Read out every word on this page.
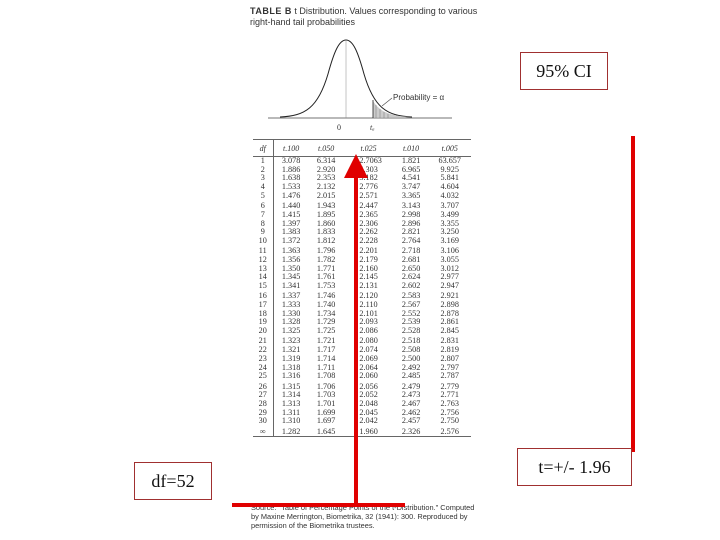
TABLE B t Distribution. Values corresponding to various right-hand tail probabilities
Probability = α
0	tₐ
df	t.100	t.050	t.025	t.010	t.005
1	3.078	6.314	12.7063	1.821	63.657
2	1.886	2.920	4.303	6.965	9.925
3	1.638	2.353	3.182	4.541	5.841
4	1.533	2.132	2.776	3.747	4.604
5	1.476	2.015	2.571	3.365	4.032
6	1.440	1.943	2.447	3.143	3.707
7	1.415	1.895	2.365	2.998	3.499
8	1.397	1.860	2.306	2.896	3.355
9	1.383	1.833	2.262	2.821	3.250
10	1.372	1.812	2.228	2.764	3.169
11	1.363	1.796	2.201	2.718	3.106
12	1.356	1.782	2.179	2.681	3.055
13	1.350	1.771	2.160	2.650	3.012
14	1.345	1.761	2.145	2.624	2.977
15	1.341	1.753	2.131	2.602	2.947
16	1.337	1.746	2.120	2.583	2.921
17	1.333	1.740	2.110	2.567	2.898
18	1.330	1.734	2.101	2.552	2.878
19	1.328	1.729	2.093	2.539	2.861
20	1.325	1.725	2.086	2.528	2.845
21	1.323	1.721	2.080	2.518	2.831
22	1.321	1.717	2.074	2.508	2.819
23	1.319	1.714	2.069	2.500	2.807
24	1.318	1.711	2.064	2.492	2.797
25	1.316	1.708	2.060	2.485	2.787
26	1.315	1.706	2.056	2.479	2.779
27	1.314	1.703	2.052	2.473	2.771
28	1.313	1.701	2.048	2.467	2.763
29	1.311	1.699	2.045	2.462	2.756
30	1.310	1.697	2.042	2.457	2.750
∞	1.282	1.645	1.960	2.326	2.576
Source: "Table of Percentage Points of the t-Distribution." Computed by Maxine Merrington, Biometrika, 32 (1941): 300. Reproduced by permission of the Biometrika trustees.
95% CI
df=52
t=+/- 1.96
